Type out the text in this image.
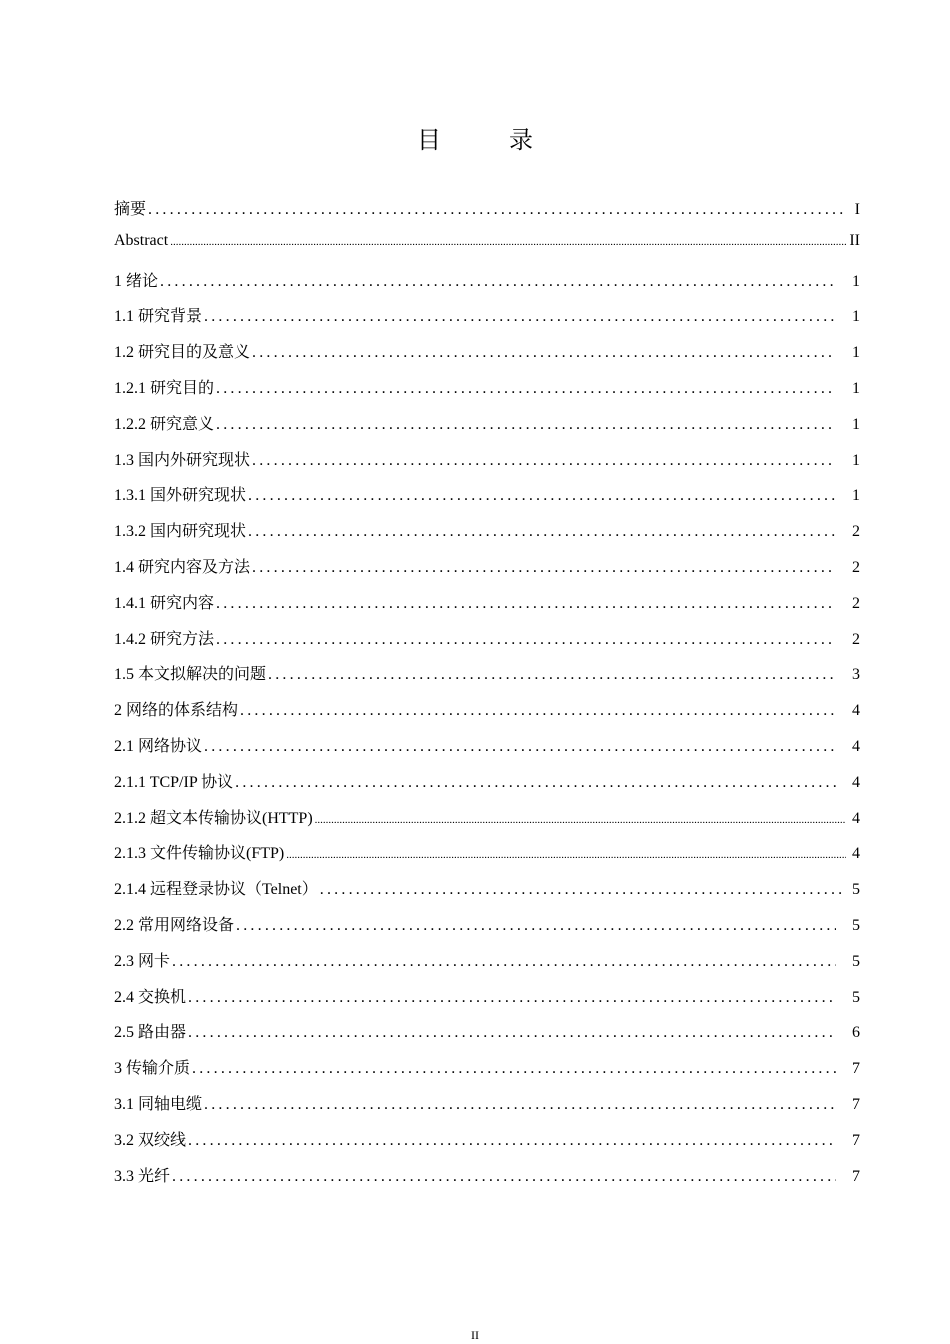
目　录
摘要 .....	I
Abstract .....	II
1 绪论 .....	1
1.1 研究背景 .....	1
1.2 研究目的及意义 .....	1
1.2.1 研究目的 .....	1
1.2.2 研究意义 .....	1
1.3 国内外研究现状 .....	1
1.3.1 国外研究现状 .....	1
1.3.2 国内研究现状 .....	2
1.4 研究内容及方法 .....	2
1.4.1 研究内容 .....	2
1.4.2 研究方法 .....	2
1.5 本文拟解决的问题 .....	3
2 网络的体系结构 .....	4
2.1 网络协议 .....	4
2.1.1 TCP/IP 协议 .....	4
2.1.2 超文本传输协议(HTTP) .....	4
2.1.3 文件传输协议(FTP) .....	4
2.1.4 远程登录协议（Telnet） .....	5
2.2 常用网络设备 .....	5
2.3 网卡 .....	5
2.4 交换机 .....	5
2.5 路由器 .....	6
3 传输介质 .....	7
3.1 同轴电缆 .....	7
3.2 双绞线 .....	7
3.3 光纤 .....	7
II
